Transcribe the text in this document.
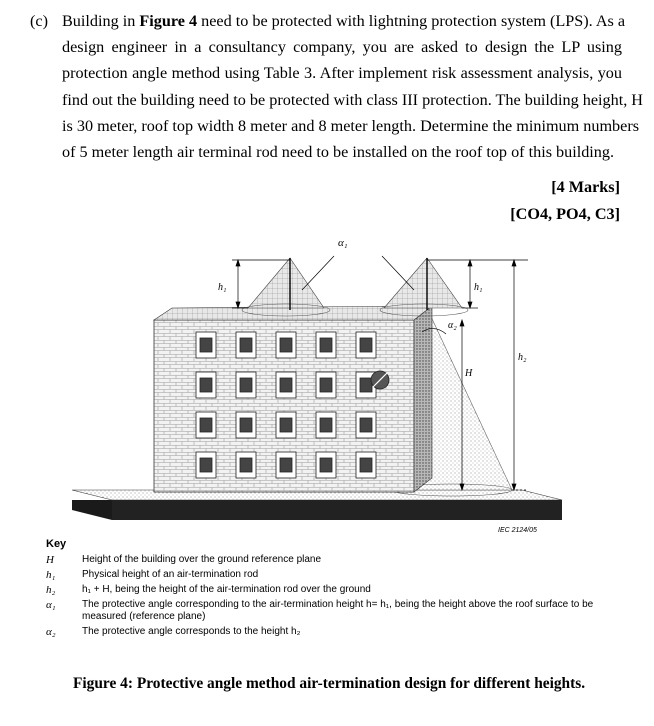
(c) Building in Figure 4 need to be protected with lightning protection system (LPS). As a
design engineer in a consultancy company, you are asked to design the LP using
protection angle method using Table 3. After implement risk assessment analysis, you
find out the building need to be protected with class III protection. The building height, H
is 30 meter, roof top width 8 meter and 8 meter length. Determine the minimum numbers
of 5 meter length air terminal rod need to be installed on the roof top of this building.
[4 Marks]
[CO4, PO4, C3]
α₁
α₂
h₁	h₁
h₂
H
IEC 2124/05
Key
H	Height of the building over the ground reference plane
h₁	Physical height of an air-termination rod
h₂	h₁ + H, being the height of the air-termination rod over the ground
α₁	The protective angle corresponding to the air-termination height h= h₁, being the height above the roof surface to be measured (reference plane)
α₂	The protective angle corresponds to the height h₂
Figure 4: Protective angle method air-termination design for different heights.
